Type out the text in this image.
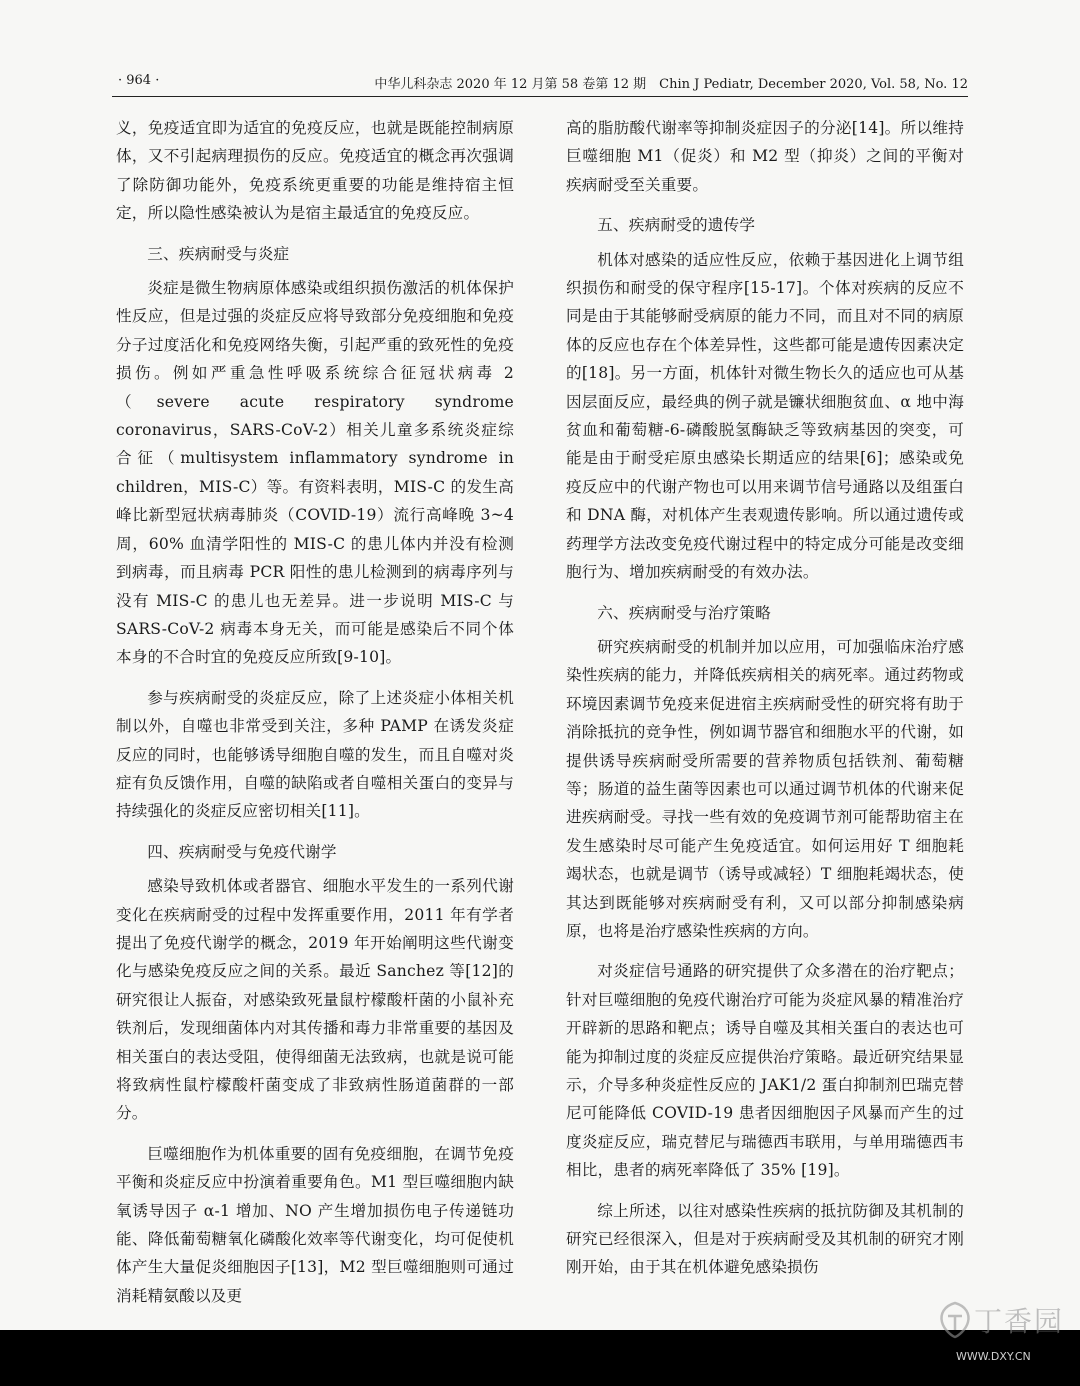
· 964 ·	中华儿科杂志 2020 年 12 月第 58 卷第 12 期　Chin J Pediatr, December 2020, Vol. 58, No. 12

义，免疫适宜即为适宜的免疫反应，也就是既能控制病原体，又不引起病理损伤的反应。免疫适宜的概念再次强调了除防御功能外，免疫系统更重要的功能是维持宿主恒定，所以隐性感染被认为是宿主最适宜的免疫反应。

三、疾病耐受与炎症

炎症是微生物病原体感染或组织损伤激活的机体保护性反应，但是过强的炎症反应将导致部分免疫细胞和免疫分子过度活化和免疫网络失衡，引起严重的致死性的免疫损伤。例如严重急性呼吸系统综合征冠状病毒 2（severe acute respiratory syndrome coronavirus，SARS-CoV-2）相关儿童多系统炎症综合征（multisystem inflammatory syndrome in children，MIS-C）等。有资料表明，MIS-C 的发生高峰比新型冠状病毒肺炎（COVID-19）流行高峰晚 3~4 周，60% 血清学阳性的 MIS-C 的患儿体内并没有检测到病毒，而且病毒 PCR 阳性的患儿检测到的病毒序列与没有 MIS-C 的患儿也无差异。进一步说明 MIS-C 与 SARS-CoV-2 病毒本身无关，而可能是感染后不同个体本身的不合时宜的免疫反应所致[9-10]。

参与疾病耐受的炎症反应，除了上述炎症小体相关机制以外，自噬也非常受到关注，多种 PAMP 在诱发炎症反应的同时，也能够诱导细胞自噬的发生，而且自噬对炎症有负反馈作用，自噬的缺陷或者自噬相关蛋白的变异与持续强化的炎症反应密切相关[11]。

四、疾病耐受与免疫代谢学

感染导致机体或者器官、细胞水平发生的一系列代谢变化在疾病耐受的过程中发挥重要作用，2011 年有学者提出了免疫代谢学的概念，2019 年开始阐明这些代谢变化与感染免疫反应之间的关系。最近 Sanchez 等[12]的研究很让人振奋，对感染致死量鼠柠檬酸杆菌的小鼠补充铁剂后，发现细菌体内对其传播和毒力非常重要的基因及相关蛋白的表达受阻，使得细菌无法致病，也就是说可能将致病性鼠柠檬酸杆菌变成了非致病性肠道菌群的一部分。

巨噬细胞作为机体重要的固有免疫细胞，在调节免疫平衡和炎症反应中扮演着重要角色。M1 型巨噬细胞内缺氧诱导因子 α-1 增加、NO 产生增加损伤电子传递链功能、降低葡萄糖氧化磷酸化效率等代谢变化，均可促使机体产生大量促炎细胞因子[13]，M2 型巨噬细胞则可通过消耗精氨酸以及更

高的脂肪酸代谢率等抑制炎症因子的分泌[14]。所以维持巨噬细胞 M1（促炎）和 M2 型（抑炎）之间的平衡对疾病耐受至关重要。

五、疾病耐受的遗传学

机体对感染的适应性反应，依赖于基因进化上调节组织损伤和耐受的保守程序[15-17]。个体对疾病的反应不同是由于其能够耐受病原的能力不同，而且对不同的病原体的反应也存在个体差异性，这些都可能是遗传因素决定的[18]。另一方面，机体针对微生物长久的适应也可从基因层面反应，最经典的例子就是镰状细胞贫血、α 地中海贫血和葡萄糖-6-磷酸脱氢酶缺乏等致病基因的突变，可能是由于耐受疟原虫感染长期适应的结果[6]；感染或免疫反应中的代谢产物也可以用来调节信号通路以及组蛋白和 DNA 酶，对机体产生表观遗传影响。所以通过遗传或药理学方法改变免疫代谢过程中的特定成分可能是改变细胞行为、增加疾病耐受的有效办法。

六、疾病耐受与治疗策略

研究疾病耐受的机制并加以应用，可加强临床治疗感染性疾病的能力，并降低疾病相关的病死率。通过药物或环境因素调节免疫来促进宿主疾病耐受性的研究将有助于消除抵抗的竞争性，例如调节器官和细胞水平的代谢，如提供诱导疾病耐受所需要的营养物质包括铁剂、葡萄糖等；肠道的益生菌等因素也可以通过调节机体的代谢来促进疾病耐受。寻找一些有效的免疫调节剂可能帮助宿主在发生感染时尽可能产生免疫适宜。如何运用好 T 细胞耗竭状态，也就是调节（诱导或减轻）T 细胞耗竭状态，使其达到既能够对疾病耐受有利，又可以部分抑制感染病原，也将是治疗感染性疾病的方向。

对炎症信号通路的研究提供了众多潜在的治疗靶点；针对巨噬细胞的免疫代谢治疗可能为炎症风暴的精准治疗开辟新的思路和靶点；诱导自噬及其相关蛋白的表达也可能为抑制过度的炎症反应提供治疗策略。最近研究结果显示，介导多种炎症性反应的 JAK1/2 蛋白抑制剂巴瑞克替尼可能降低 COVID-19 患者因细胞因子风暴而产生的过度炎症反应，瑞克替尼与瑞德西韦联用，与单用瑞德西韦相比，患者的病死率降低了 35% [19]。

综上所述，以往对感染性疾病的抵抗防御及其机制的研究已经很深入，但是对于疾病耐受及其机制的研究才刚刚开始，由于其在机体避免感染损伤

丁香园
WWW.DXY.CN
